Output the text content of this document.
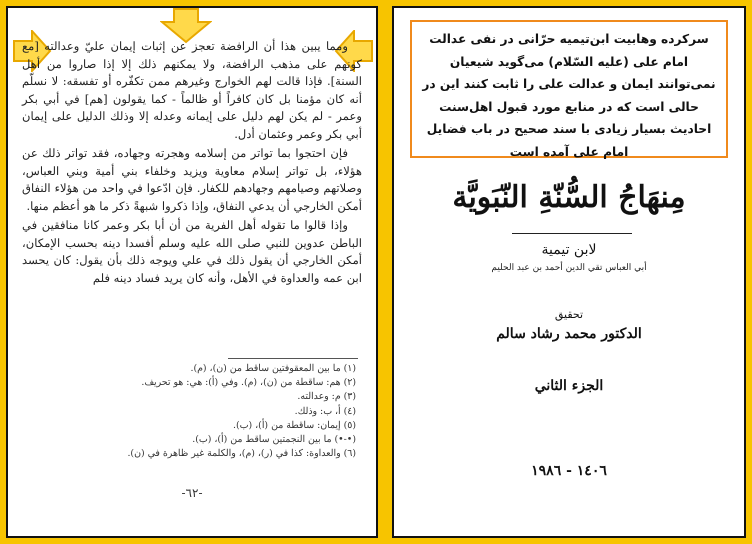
ومما يبين هذا أن الرافضة تعجز عن إثبات إيمان عليّ وعدالته [مع كونهم على مذهب الرافضة، ولا يمكنهم ذلك إلا إذا صاروا من أهل السنة]. فإذا قالت لهم الخوارج وغيرهم ممن تكفّره أو تفسقه: لا نسلّم أنه كان مؤمنا بل كان كافراً أو ظالماً - كما يقولون [هم] في أبي بكر وعمر - لم يكن لهم دليل على إيمانه وعدله إلا وذلك الدليل على إيمان أبي بكر وعمر وعثمان أدل.

فإن احتجوا بما تواتر من إسلامه وهجرته وجهاده، فقد تواتر ذلك عن هؤلاء، بل تواتر إسلام معاوية ويزيد وخلفاء بني أمية وبني العباس، وصلاتهم وصيامهم وجهادهم للكفار. فإن ادّعوا في واحد من هؤلاء النفاق أمكن الخارجي أن يدعي النفاق، وإذا ذكروا شبهةً ذكر ما هو أعظم منها.

وإذا قالوا ما تقوله أهل الفرية من أن أبا بكر وعمر كانا منافقين في الباطن عدوين للنبي صلى الله عليه وسلم أفسدا دينه بحسب الإمكان، أمكن الخارجي أن يقول ذلك في علي ويوجه ذلك بأن يقول: كان يحسد ابن عمه والعداوة في الأهل، وأنه كان يريد فساد دينه فلم

(١) ما بين المعقوفتين ساقط من (ن)، (م).
(٢) هم: ساقطة من (ن)، (م). وفي (أ): هي: هو تحريف.
(٣) م: وعدالته.
(٤) أ، ب: وذلك.
(٥) إيمان: ساقطة من (أ)، (ب).
(•-•) ما بين النجمتين ساقط من (أ)، (ب).
(٦) والعداوة: كذا في (ر)، (م)، والكلمة غير ظاهرة في (ن).
-٦٢-
سرکرده وهابیت ابن‌تیمیه حرّانی در نفی عدالت امام علی (علیه السّلام) می‌گوید شیعیان نمی‌توانند ایمان و عدالت علی را ثابت کنند این در حالی است که در منابع مورد قبول اهل‌سنت احادیث بسیار زیادی با سند صحیح در باب فضایل امام علی آمده است
مِنهَاجُ السُّنّةِ النّبَويَّة
لابن تيمية
أبي العباس تقي الدين أحمد بن عبد الحليم
تحقيق
الدكتور محمد رشاد سالم
الجزء الثاني
١٤٠٦ - ١٩٨٦
